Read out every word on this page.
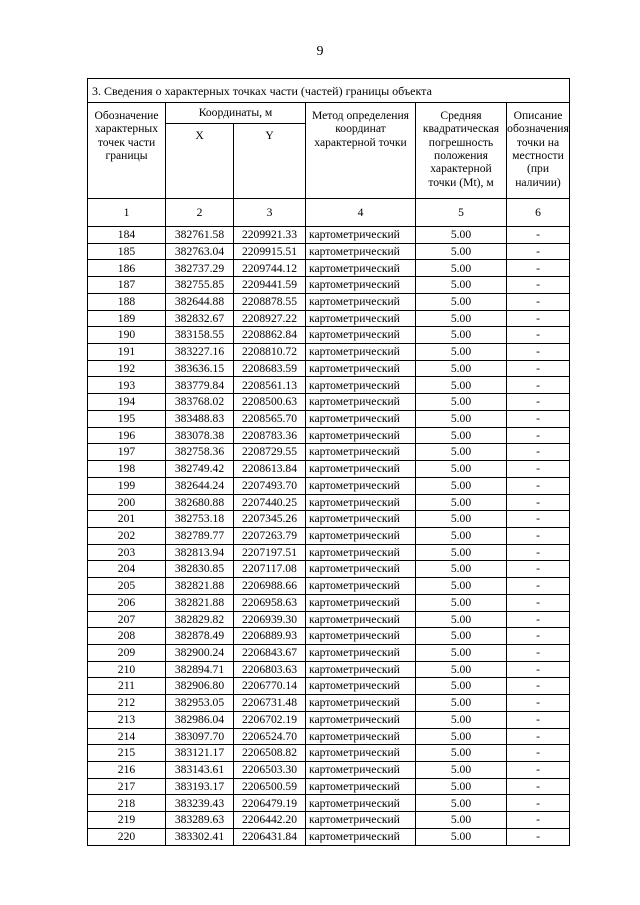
9
3. Сведения о характерных точках части (частей) границы объекта					
Обозначение характерных точек части границы	Координаты, м		Метод определения координат характерной точки	Средняя квадратическая погрешность положения характерной точки (Mt), м	Описание обозначения точки на местности (при наличии)
	X	Y			
1	2	3	4	5	6
184	382761.58	2209921.33	картометрический	5.00	-
185	382763.04	2209915.51	картометрический	5.00	-
186	382737.29	2209744.12	картометрический	5.00	-
187	382755.85	2209441.59	картометрический	5.00	-
188	382644.88	2208878.55	картометрический	5.00	-
189	382832.67	2208927.22	картометрический	5.00	-
190	383158.55	2208862.84	картометрический	5.00	-
191	383227.16	2208810.72	картометрический	5.00	-
192	383636.15	2208683.59	картометрический	5.00	-
193	383779.84	2208561.13	картометрический	5.00	-
194	383768.02	2208500.63	картометрический	5.00	-
195	383488.83	2208565.70	картометрический	5.00	-
196	383078.38	2208783.36	картометрический	5.00	-
197	382758.36	2208729.55	картометрический	5.00	-
198	382749.42	2208613.84	картометрический	5.00	-
199	382644.24	2207493.70	картометрический	5.00	-
200	382680.88	2207440.25	картометрический	5.00	-
201	382753.18	2207345.26	картометрический	5.00	-
202	382789.77	2207263.79	картометрический	5.00	-
203	382813.94	2207197.51	картометрический	5.00	-
204	382830.85	2207117.08	картометрический	5.00	-
205	382821.88	2206988.66	картометрический	5.00	-
206	382821.88	2206958.63	картометрический	5.00	-
207	382829.82	2206939.30	картометрический	5.00	-
208	382878.49	2206889.93	картометрический	5.00	-
209	382900.24	2206843.67	картометрический	5.00	-
210	382894.71	2206803.63	картометрический	5.00	-
211	382906.80	2206770.14	картометрический	5.00	-
212	382953.05	2206731.48	картометрический	5.00	-
213	382986.04	2206702.19	картометрический	5.00	-
214	383097.70	2206524.70	картометрический	5.00	-
215	383121.17	2206508.82	картометрический	5.00	-
216	383143.61	2206503.30	картометрический	5.00	-
217	383193.17	2206500.59	картометрический	5.00	-
218	383239.43	2206479.19	картометрический	5.00	-
219	383289.63	2206442.20	картометрический	5.00	-
220	383302.41	2206431.84	картометрический	5.00	-
